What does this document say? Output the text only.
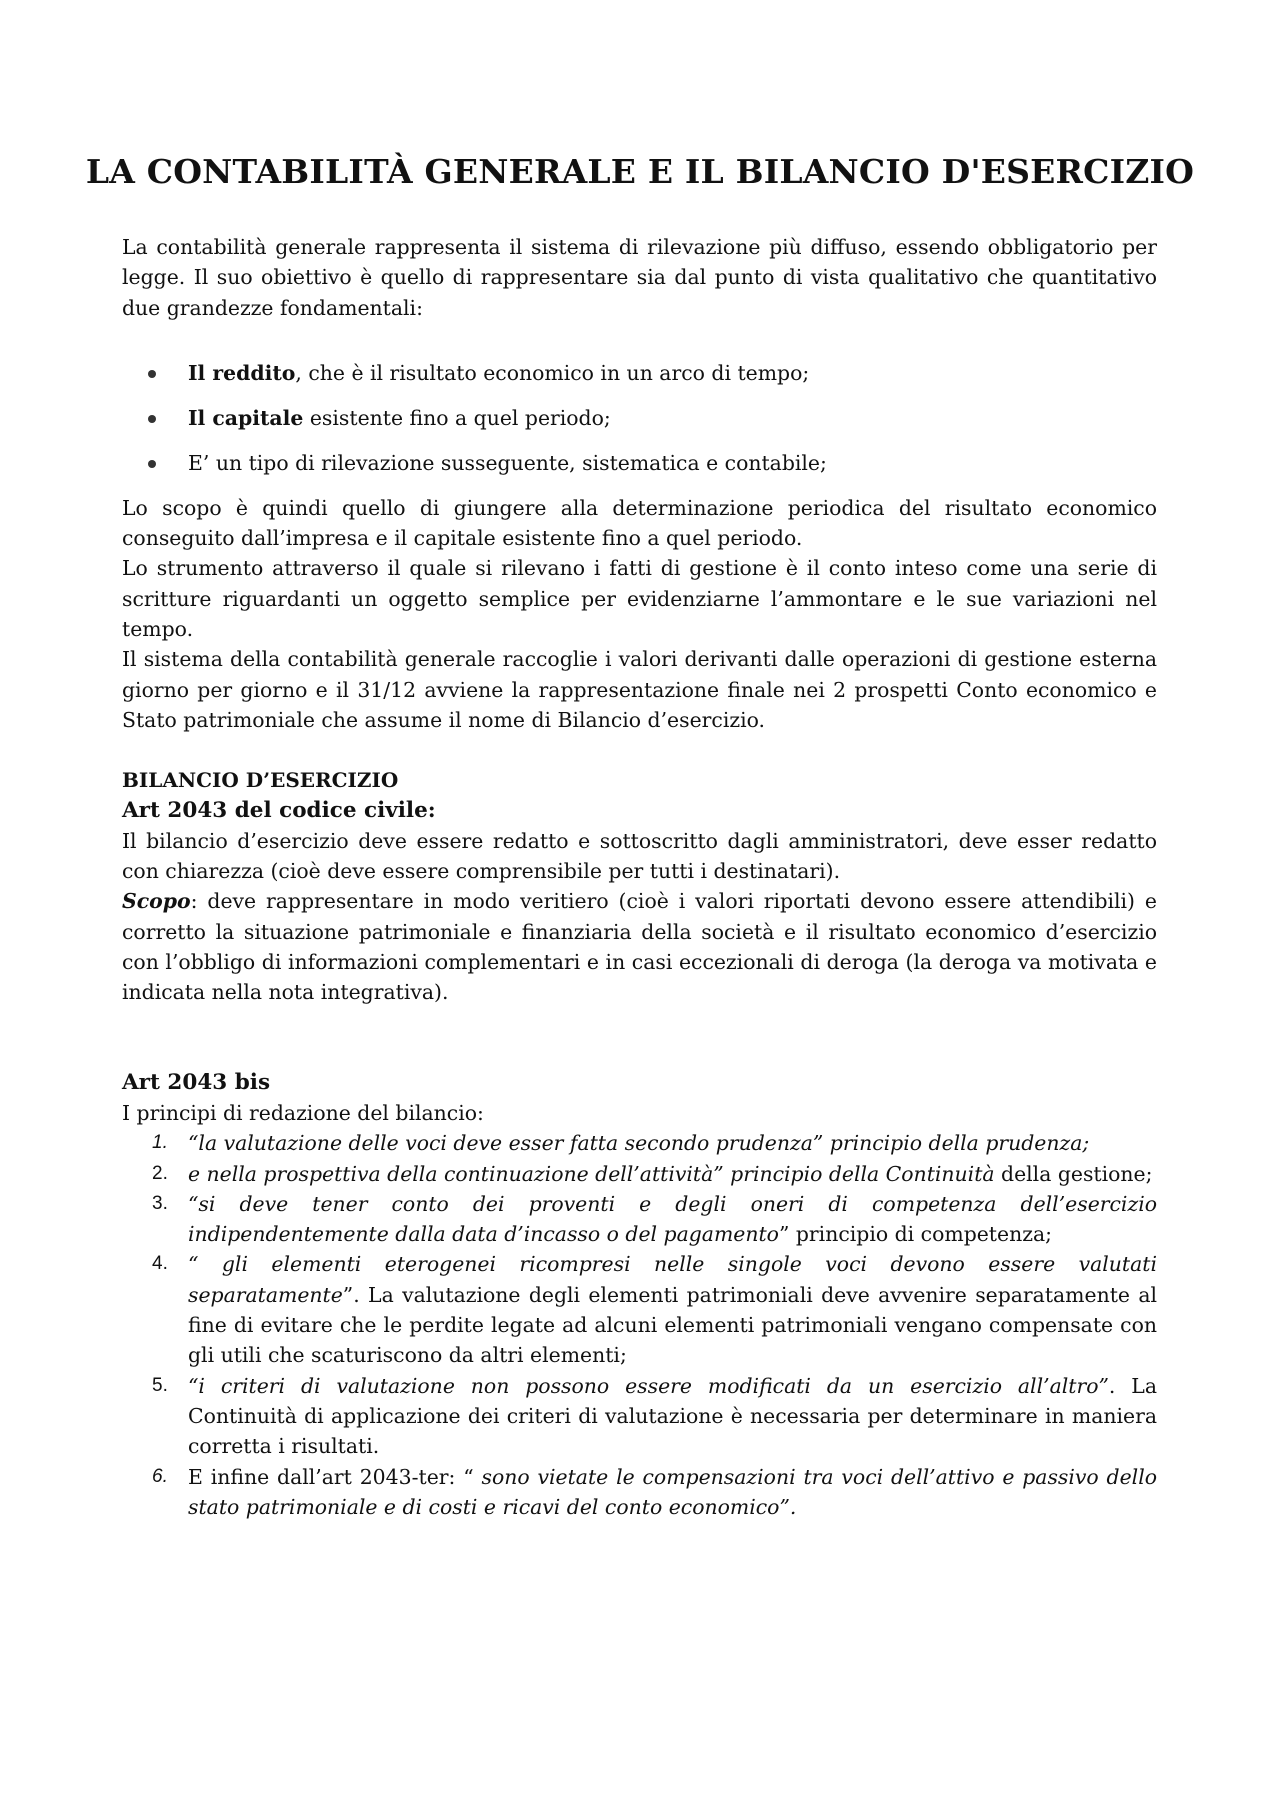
LA CONTABILITÀ GENERALE E IL BILANCIO D'ESERCIZIO

La contabilità generale rappresenta il sistema di rilevazione più diffuso, essendo obbligatorio per legge. Il suo obiettivo è quello di rappresentare sia dal punto di vista qualitativo che quantitativo due grandezze fondamentali:

Il reddito, che è il risultato economico in un arco di tempo;
Il capitale esistente fino a quel periodo;
E’ un tipo di rilevazione susseguente, sistematica e contabile;

Lo scopo è quindi quello di giungere alla determinazione periodica del risultato economico conseguito dall’impresa e il capitale esistente fino a quel periodo.

Lo strumento attraverso il quale si rilevano i fatti di gestione è il conto inteso come una serie di scritture riguardanti un oggetto semplice per evidenziarne l’ammontare e le sue variazioni nel tempo.

Il sistema della contabilità generale raccoglie i valori derivanti dalle operazioni di gestione esterna giorno per giorno e il 31/12 avviene la rappresentazione finale nei 2 prospetti Conto economico e Stato patrimoniale che assume il nome di Bilancio d’esercizio.

BILANCIO D’ESERCIZIO
Art 2043 del codice civile:

Il bilancio d’esercizio deve essere redatto e sottoscritto dagli amministratori, deve esser redatto con chiarezza (cioè deve essere comprensibile per tutti i destinatari).

Scopo: deve rappresentare in modo veritiero (cioè i valori riportati devono essere attendibili) e corretto la situazione patrimoniale e finanziaria della società e il risultato economico d’esercizio con l’obbligo di informazioni complementari e in casi eccezionali di deroga (la deroga va motivata e indicata nella nota integrativa).

Art 2043 bis

I principi di redazione del bilancio:

1. “la valutazione delle voci deve esser fatta secondo prudenza” principio della prudenza;
2. e nella prospettiva della continuazione dell’attività” principio della Continuità della gestione;
3. “si deve tener conto dei proventi e degli oneri di competenza dell’esercizio indipendentemente dalla data d’incasso o del pagamento” principio di competenza;
4. “ gli elementi eterogenei ricompresi nelle singole voci devono essere valutati separatamente”. La valutazione degli elementi patrimoniali deve avvenire separatamente al fine di evitare che le perdite legate ad alcuni elementi patrimoniali vengano compensate con gli utili che scaturiscono da altri elementi;
5. “i criteri di valutazione non possono essere modificati da un esercizio all’altro”. La Continuità di applicazione dei criteri di valutazione è necessaria per determinare in maniera corretta i risultati.
6. E infine dall’art 2043-ter: “ sono vietate le compensazioni tra voci dell’attivo e passivo dello stato patrimoniale e di costi e ricavi del conto economico”.
